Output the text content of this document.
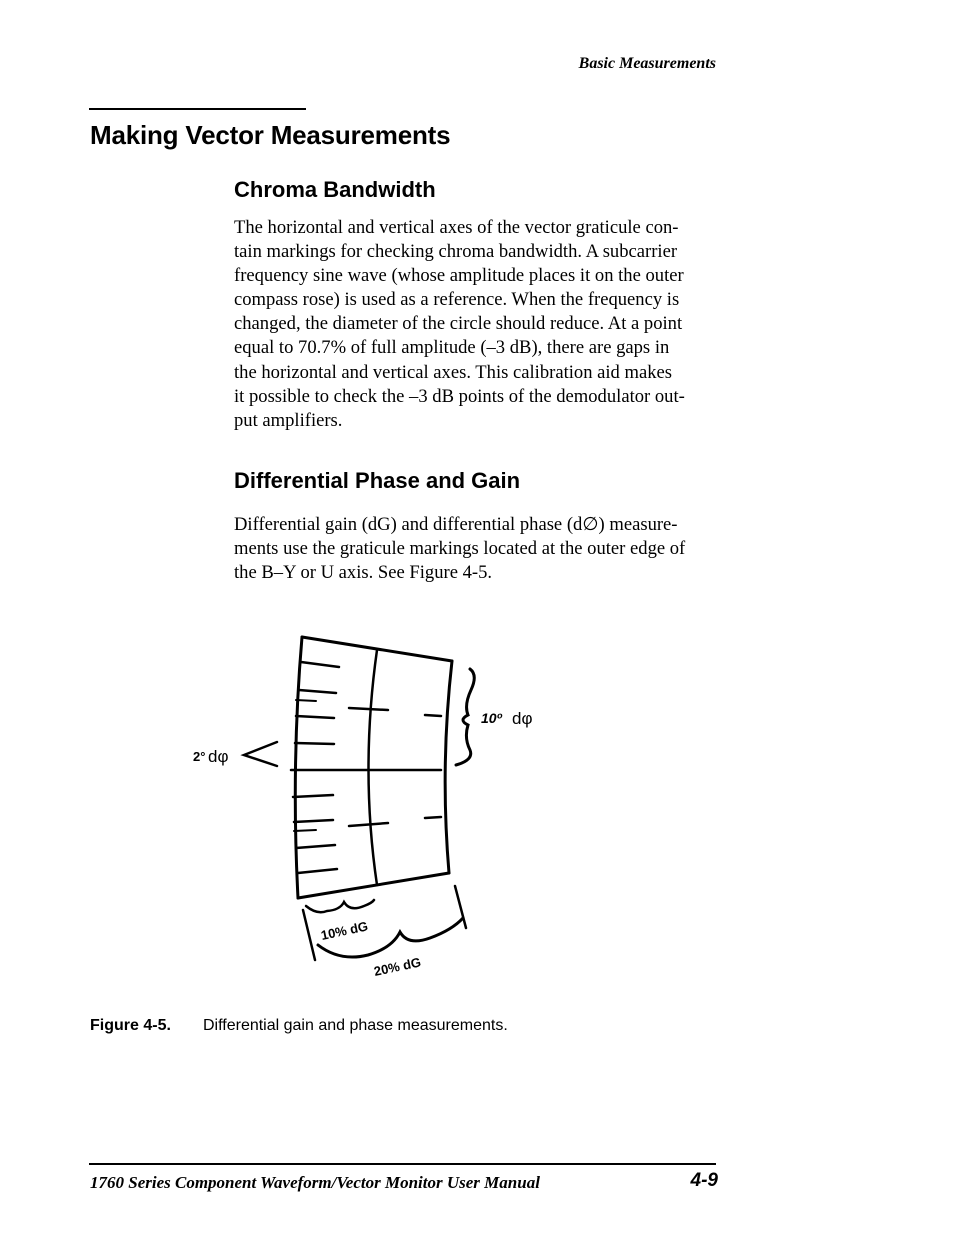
Basic Measurements
Making Vector Measurements
Chroma Bandwidth
The horizontal and vertical axes of the vector graticule con-
tain markings for checking chroma bandwidth. A subcarrier
frequency sine wave (whose amplitude places it on the outer
compass rose) is used as a reference. When the frequency is
changed, the diameter of the circle should reduce. At a point
equal to 70.7% of full amplitude (–3 dB), there are gaps in
the horizontal and vertical axes. This calibration aid makes
it possible to check the –3 dB points of the demodulator out-
put amplifiers.
Differential Phase and Gain
Differential gain (dG) and differential phase (d∅) measure-
ments use the graticule markings located at the outer edge of
the B–Y or U axis. See Figure 4-5.
10º dφ
2° dφ
10% dG
20% dG
Figure 4-5. Differential gain and phase measurements.
1760 Series Component Waveform/Vector Monitor User Manual	4-9
